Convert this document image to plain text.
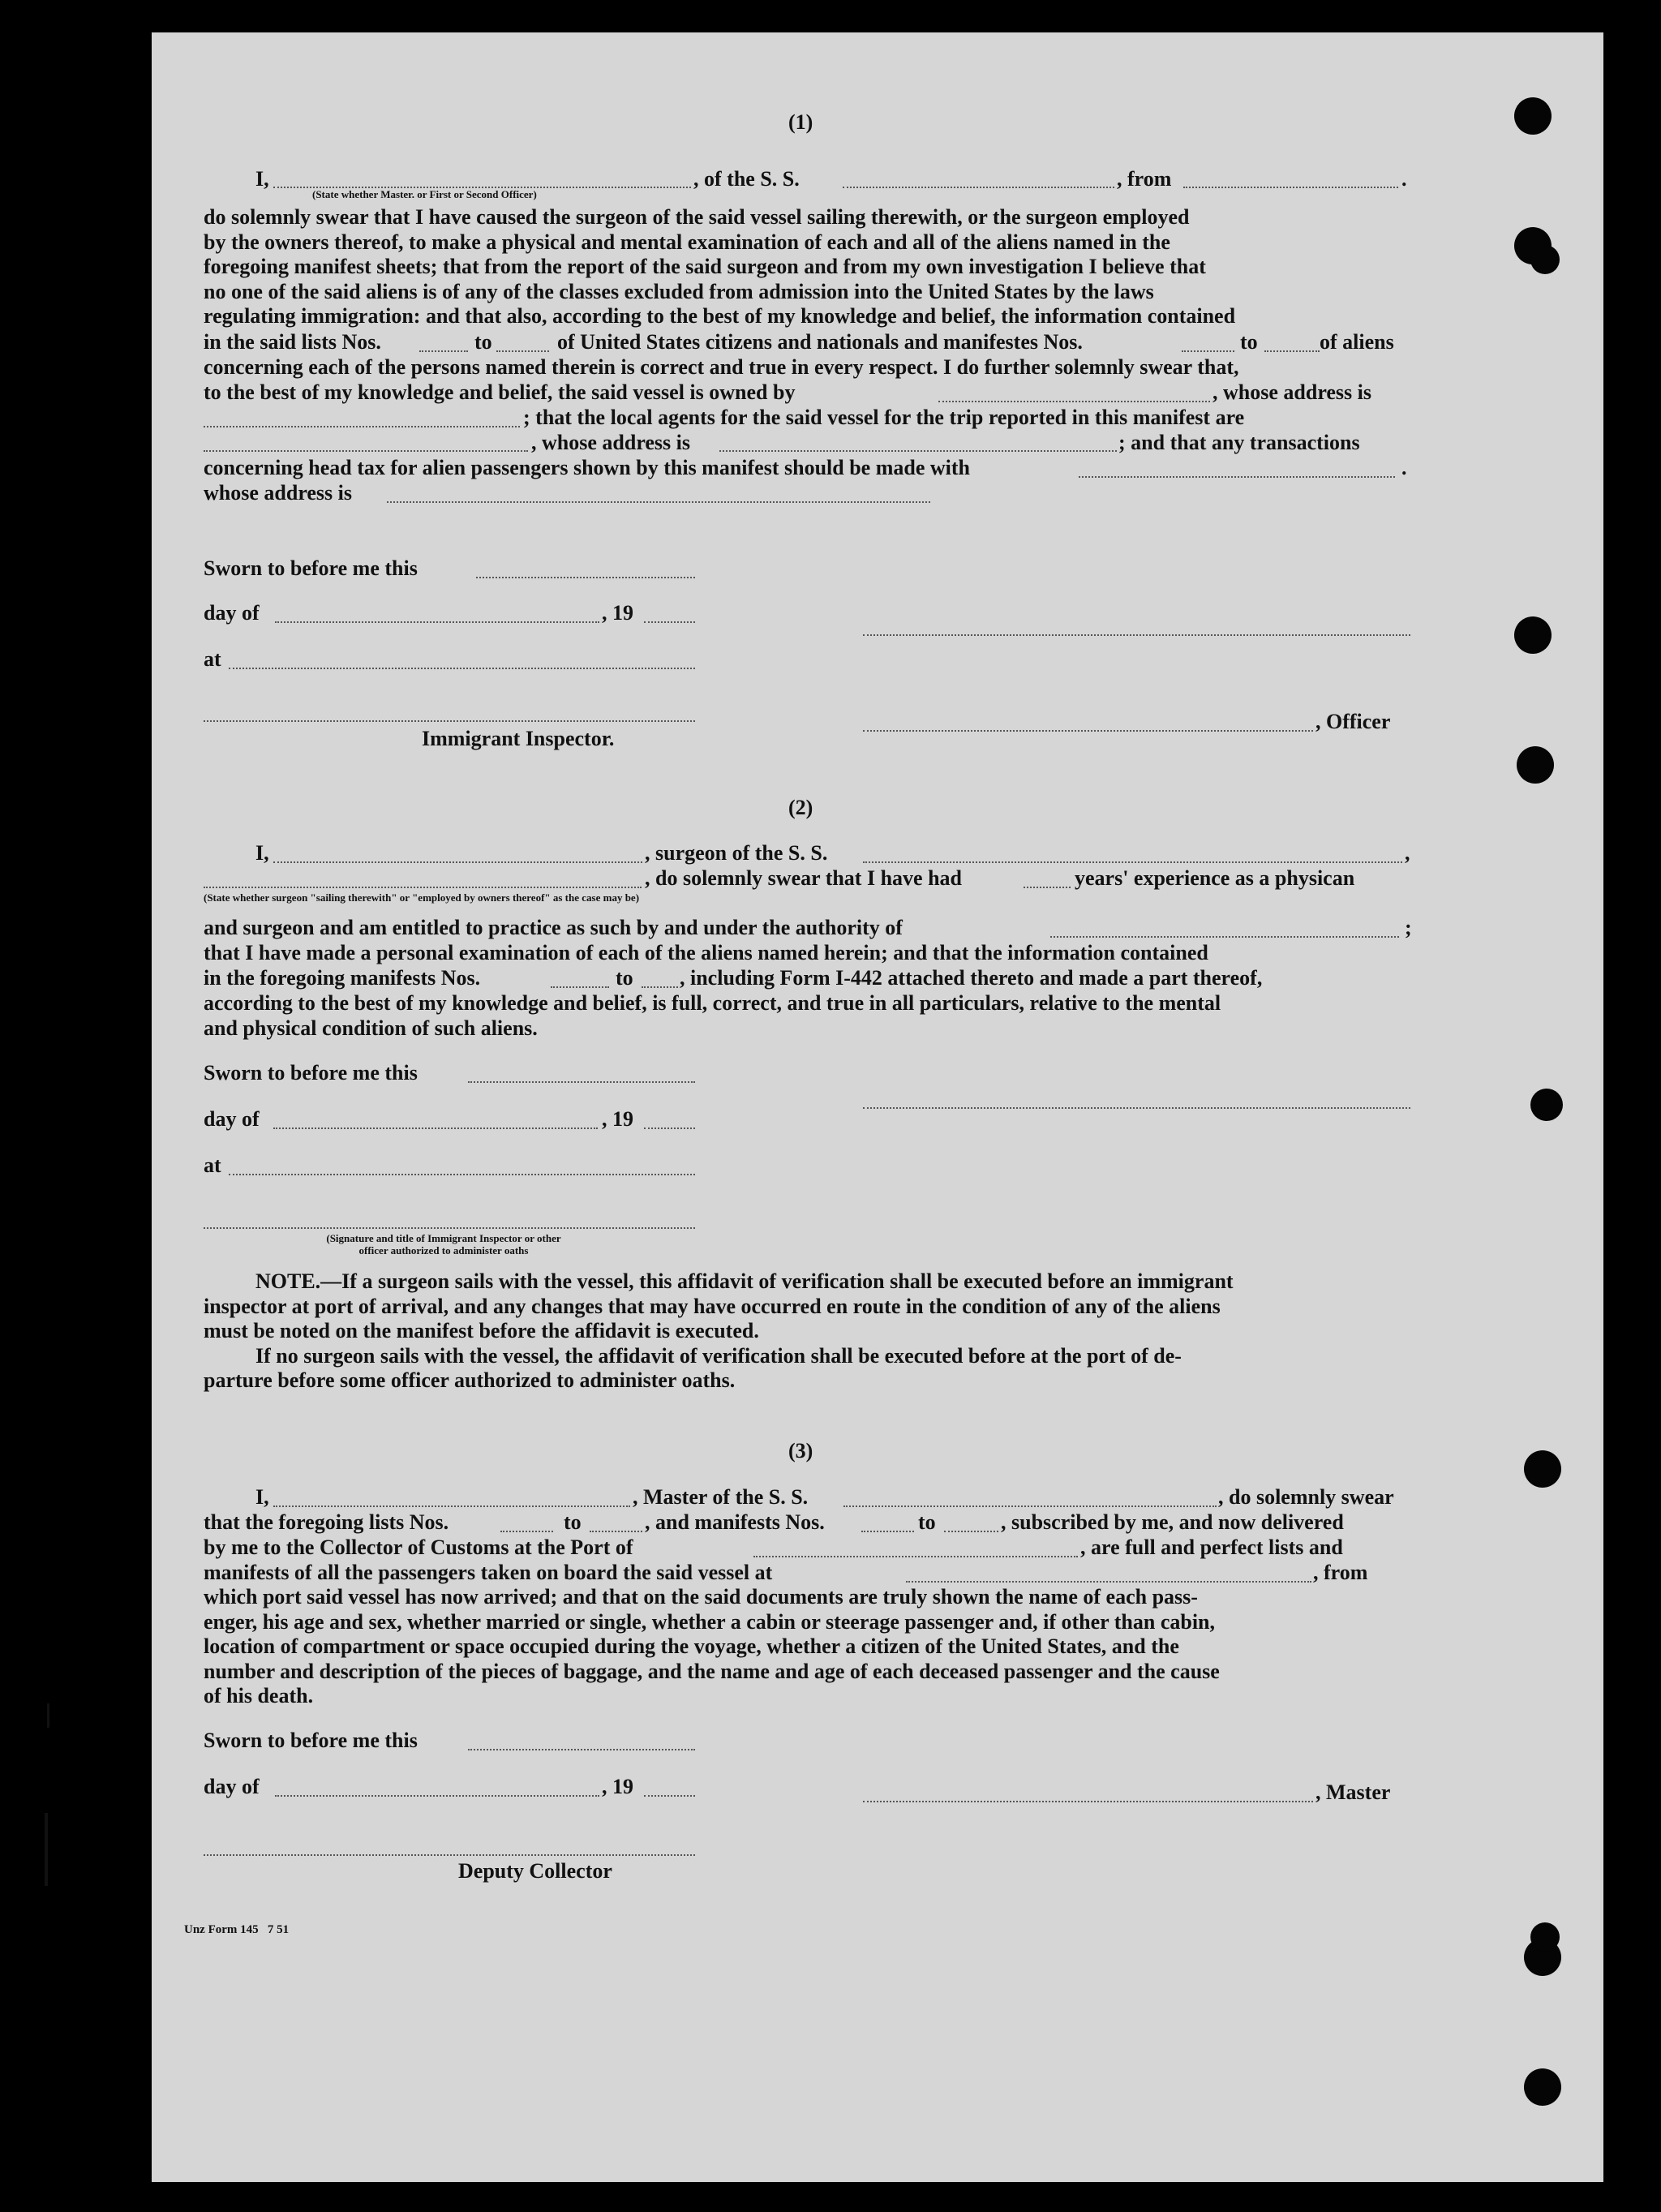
(1)
I,	, of the S. S.	, from	.
(State whether Master. or First or Second Officer)
do solemnly swear that I have caused the surgeon of the said vessel sailing therewith, or the surgeon employed
by the owners thereof, to make a physical and mental examination of each and all of the aliens named in the
foregoing manifest sheets; that from the report of the said surgeon and from my own investigation I believe that
no one of the said aliens is of any of the classes excluded from admission into the United States by the laws
regulating immigration: and that also, according to the best of my knowledge and belief, the information contained
in the said lists Nos.	to	of United States citizens and nationals and manifestes Nos.	to	of aliens
concerning each of the persons named therein is correct and true in every respect. I do further solemnly swear that,
to the best of my knowledge and belief, the said vessel is owned by	, whose address is
; that the local agents for the said vessel for the trip reported in this manifest are
, whose address is	; and that any transactions
concerning head tax for alien passengers shown by this manifest should be made with	.
whose address is
Sworn to before me this
day of	, 19
at
Immigrant Inspector.
, Officer
(2)
I,	, surgeon of the S. S.	,
, do solemnly swear that I have had	years' experience as a physican
(State whether surgeon "sailing therewith" or "employed by owners thereof" as the case may be)
and surgeon and am entitled to practice as such by and under the authority of	;
that I have made a personal examination of each of the aliens named herein; and that the information contained
in the foregoing manifests Nos.	to , including Form I-442 attached thereto and made a part thereof,
according to the best of my knowledge and belief, is full, correct, and true in all particulars, relative to the mental
and physical condition of such aliens.
Sworn to before me this
day of	, 19
at
(Signature and title of Immigrant Inspector or other
officer authorized to administer oaths
NOTE.—If a surgeon sails with the vessel, this affidavit of verification shall be executed before an immigrant
inspector at port of arrival, and any changes that may have occurred en route in the condition of any of the aliens
must be noted on the manifest before the affidavit is executed.
If no surgeon sails with the vessel, the affidavit of verification shall be executed before at the port of de-
parture before some officer authorized to administer oaths.
(3)
I,	, Master of the S. S.	, do solemnly swear
that the foregoing lists Nos.	to	, and manifests Nos.	to	, subscribed by me, and now delivered
by me to the Collector of Customs at the Port of	, are full and perfect lists and
manifests of all the passengers taken on board the said vessel at	, from
which port said vessel has now arrived; and that on the said documents are truly shown the name of each pass-
enger, his age and sex, whether married or single, whether a cabin or steerage passenger and, if other than cabin,
location of compartment or space occupied during the voyage, whether a citizen of the United States, and the
number and description of the pieces of baggage, and the name and age of each deceased passenger and the cause
of his death.
Sworn to before me this
day of	, 19	, Master
Deputy Collector
Unz Form 145   7 51
